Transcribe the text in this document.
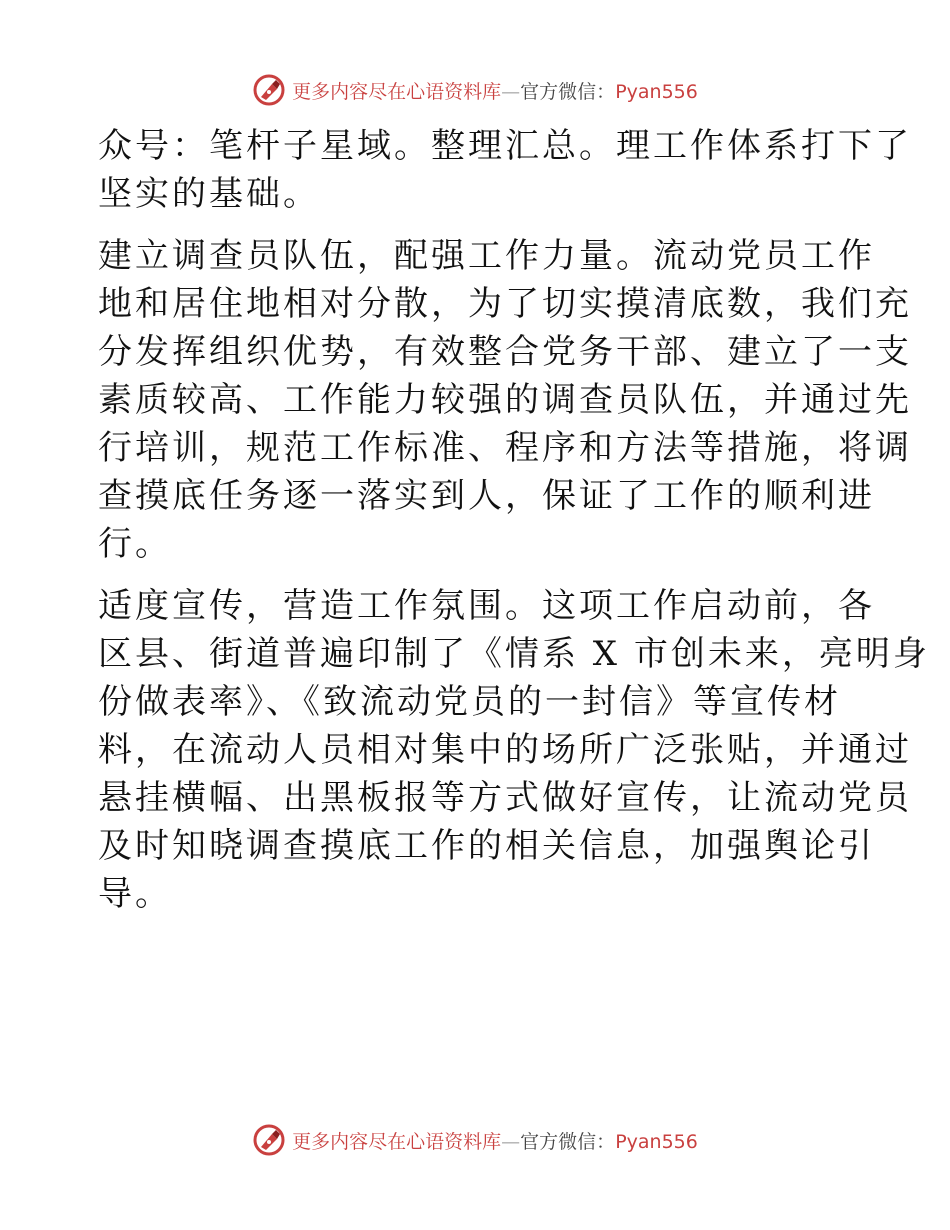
更多内容尽在心语资料库—官方微信：Pyan556
众号：笔杆子星域。整理汇总。理工作体系打下了
坚实的基础。
建立调查员队伍，配强工作力量。流动党员工作
地和居住地相对分散，为了切实摸清底数，我们充
分发挥组织优势，有效整合党务干部、建立了一支
素质较高、工作能力较强的调查员队伍，并通过先
行培训，规范工作标准、程序和方法等措施，将调
查摸底任务逐一落实到人，保证了工作的顺利进
行。
适度宣传，营造工作氛围。这项工作启动前，各
区县、街道普遍印制了《情系 X 市创未来，亮明身
份做表率》、《致流动党员的一封信》等宣传材
料，在流动人员相对集中的场所广泛张贴，并通过
悬挂横幅、出黑板报等方式做好宣传，让流动党员
及时知晓调查摸底工作的相关信息，加强舆论引
导。
更多内容尽在心语资料库—官方微信：Pyan556
